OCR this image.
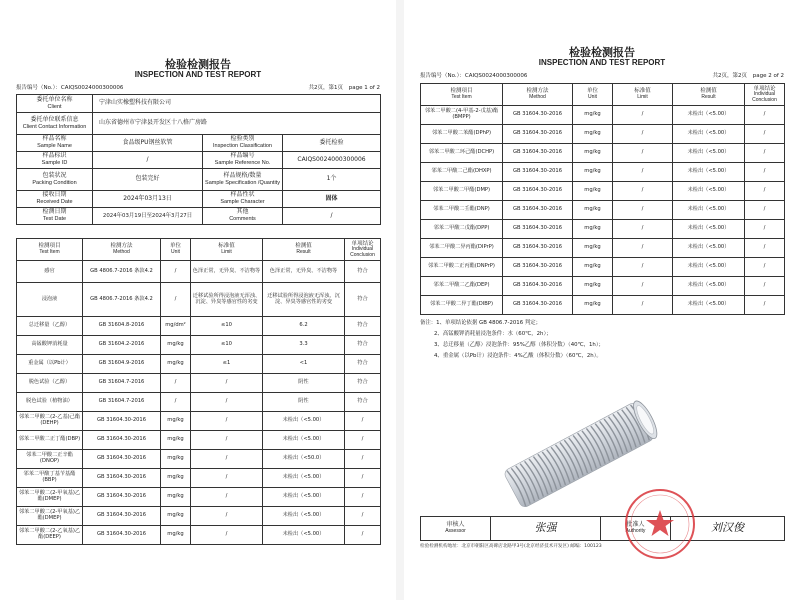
检验检测报告
INSPECTION AND TEST REPORT
报告编号（No.）：CAIQS0024000300006	共2页，第1页 page 1 of 2
委托单位名称
Client	宁津山实橡塑科技有限公司		
委托单位联系信息
Client Contact Information	山东省德州市宁津县开发区十八格广房路		
样品名称
Sample Name	食品级PU钢丝软管	检验类别
Inspection Classification	委托检验
样品标识
Sample ID	/	样品编号
Sample Reference No.	CAIQS0024000300006
包装状况
Packing Condition	包装完好	样品规格/数量
Sample Specification /Quantity	1个
接收日期
Received Date	2024年03月13日	样品性状
Sample Character	固体
检测日期
Test Date	2024年03月19日至2024年3月27日	其他
Comments	/
检测项目
Test Item	检测方法
Method	单位
Unit	标准值
Limit	检测值
Result	单项结论
Individual Conclusion

感官	GB 4806.7-2016 条款4.2	/	色泽正常，无异臭、不洁物等	色泽正常，无异臭、不洁物等	符合
浸泡液	GB 4806.7-2016 条款4.2	/	迁移试验所得浸泡液无浑浊、沉淀、异臭等感官性的劣变	迁移试验所得浸泡液无浑浊、沉淀、异臭等感官性的劣变	符合
总迁移量（乙醇）	GB 31604.8-2016	mg/dm²	≤10	6.2	符合
高锰酸钾消耗量	GB 31604.2-2016	mg/kg	≤10	3.3	符合
重金属（以Pb计）	GB 31604.9-2016	mg/kg	≤1	<1	符合
脱色试验（乙醇）	GB 31604.7-2016	/	/	阴性	符合
脱色试验（植物油）	GB 31604.7-2016	/	/	阴性	符合
邻苯二甲酸二(2-乙基)己酯(DEHP)	GB 31604.30-2016	mg/kg	/	未检出（<5.00）	/
邻苯二甲酸二正丁酯(DBP)	GB 31604.30-2016	mg/kg	/	未检出（<5.00）	/
邻苯二甲酸二正辛酯(DNOP)	GB 31604.30-2016	mg/kg	/	未检出（<50.0）	/
邻苯二甲酸丁基苄基酯(BBP)	GB 31604.30-2016	mg/kg	/	未检出（<5.00）	/
邻苯二甲酸二(2-甲氧基)乙酯(DMEP)	GB 31604.30-2016	mg/kg	/	未检出（<5.00）	/
邻苯二甲酸二(2-甲氧基)乙酯(DMEP)	GB 31604.30-2016	mg/kg	/	未检出（<5.00）	/
邻苯二甲酸二(2-乙氧基)乙酯(DEEP)	GB 31604.30-2016	mg/kg	/	未检出（<5.00）	/
检验检测报告
INSPECTION AND TEST REPORT
报告编号（No.）：CAIQS0024000300006	共2页，第2页 page 2 of 2
检测项目
Test Item	检测方法
Method	单位
Unit	标准值
Limit	检测值
Result	单项结论
Individual Conclusion

邻苯二甲酸二(4-甲基-2-戊基)酯(BMPP)	GB 31604.30-2016	mg/kg	/	未检出（<5.00）	/
邻苯二甲酸二苯酯(DPhP)	GB 31604.30-2016	mg/kg	/	未检出（<5.00）	/
邻苯二甲酸二环己酯(DCHP)	GB 31604.30-2016	mg/kg	/	未检出（<5.00）	/
邻苯二甲酸二己酯(DHXP)	GB 31604.30-2016	mg/kg	/	未检出（<5.00）	/
邻苯二甲酸二甲酯(DMP)	GB 31604.30-2016	mg/kg	/	未检出（<5.00）	/
邻苯二甲酸二壬酯(DNP)	GB 31604.30-2016	mg/kg	/	未检出（<5.00）	/
邻苯二甲酸二戊酯(DPP)	GB 31604.30-2016	mg/kg	/	未检出（<5.00）	/
邻苯二甲酸二异丙酯(DIPrP)	GB 31604.30-2016	mg/kg	/	未检出（<5.00）	/
邻苯二甲酸二正丙酯(DNPrP)	GB 31604.30-2016	mg/kg	/	未检出（<5.00）	/
邻苯二甲酸二乙酯(DEP)	GB 31604.30-2016	mg/kg	/	未检出（<5.00）	/
邻苯二甲酸二异丁酯(DIBP)	GB 31604.30-2016	mg/kg	/	未检出（<5.00）	/
备注：1、单项结论依据 GB 4806.7-2016 判定；
2、高锰酸钾消耗量浸泡条件：水（60℃，2h）；
3、总迁移量（乙醇）浸泡条件：95%乙醇（体积分数）（40℃，1h）；
4、重金属（以Pb计）浸泡条件：4%乙酸（体积分数）（60℃，2h）。
审核人
Assessor	张强	批准人
Authority	刘汉俊
检验检测机构地址：北京市朝阳区高碑店北路甲3号(北京经济技术开发区) 邮编：100123
